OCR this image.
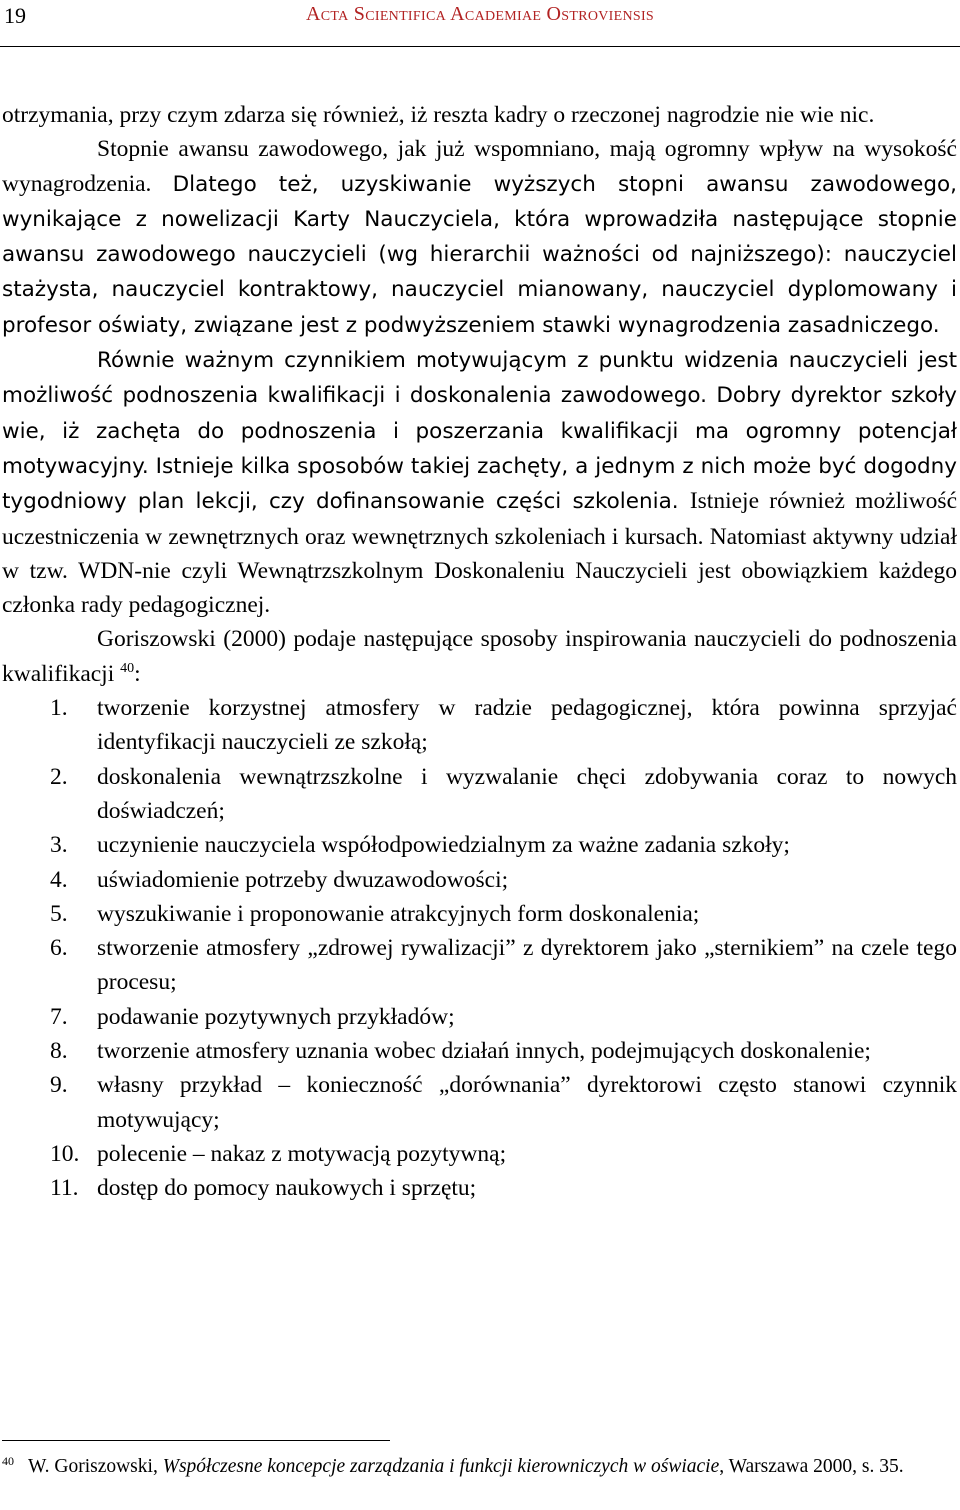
19	Acta Scientifica Academiae Ostroviensis

otrzymania, przy czym zdarza się również, iż reszta kadry o rzeczonej nagrodzie nie wie nic.

Stopnie awansu zawodowego, jak już wspomniano, mają ogromny wpływ na wysokość wynagrodzenia. Dlatego też, uzyskiwanie wyższych stopni awansu zawodowego, wynikające z nowelizacji Karty Nauczyciela, która wprowadziła następujące stopnie awansu zawodowego nauczycieli (wg hierarchii ważności od najniższego): nauczyciel stażysta, nauczyciel kontraktowy, nauczyciel mianowany, nauczyciel dyplomowany i profesor oświaty, związane jest z podwyższeniem stawki wynagrodzenia zasadniczego.

Równie ważnym czynnikiem motywującym z punktu widzenia nauczycieli jest możliwość podnoszenia kwalifikacji i doskonalenia zawodowego. Dobry dyrektor szkoły wie, iż zachęta do podnoszenia i poszerzania kwalifikacji ma ogromny potencjał motywacyjny. Istnieje kilka sposobów takiej zachęty, a jednym z nich może być dogodny tygodniowy plan lekcji, czy dofinansowanie części szkolenia. Istnieje również możliwość uczestniczenia w zewnętrznych oraz wewnętrznych szkoleniach i kursach. Natomiast aktywny udział w tzw. WDN-nie czyli Wewnątrzszkolnym Doskonaleniu Nauczycieli jest obowiązkiem każdego członka rady pedagogicznej.

Goriszowski (2000) podaje następujące sposoby inspirowania nauczycieli do podnoszenia kwalifikacji $^{40}$:

1. tworzenie korzystnej atmosfery w radzie pedagogicznej, która powinna sprzyjać identyfikacji nauczycieli ze szkołą;
2. doskonalenia wewnątrzszkolne i wyzwalanie chęci zdobywania coraz to nowych doświadczeń;
3. uczynienie nauczyciela współodpowiedzialnym za ważne zadania szkoły;
4. uświadomienie potrzeby dwuzawodowości;
5. wyszukiwanie i proponowanie atrakcyjnych form doskonalenia;
6. stworzenie atmosfery „zdrowej rywalizacji” z dyrektorem jako „sternikiem” na czele tego procesu;
7. podawanie pozytywnych przykładów;
8. tworzenie atmosfery uznania wobec działań innych, podejmujących doskonalenie;
9. własny przykład – konieczność „dorównania” dyrektorowi często stanowi czynnik motywujący;
10. polecenie – nakaz z motywacją pozytywną;
11. dostęp do pomocy naukowych i sprzętu;
$^{40}$ W. Goriszowski, Współczesne koncepcje zarządzania i funkcji kierowniczych w oświacie, Warszawa 2000, s. 35.
